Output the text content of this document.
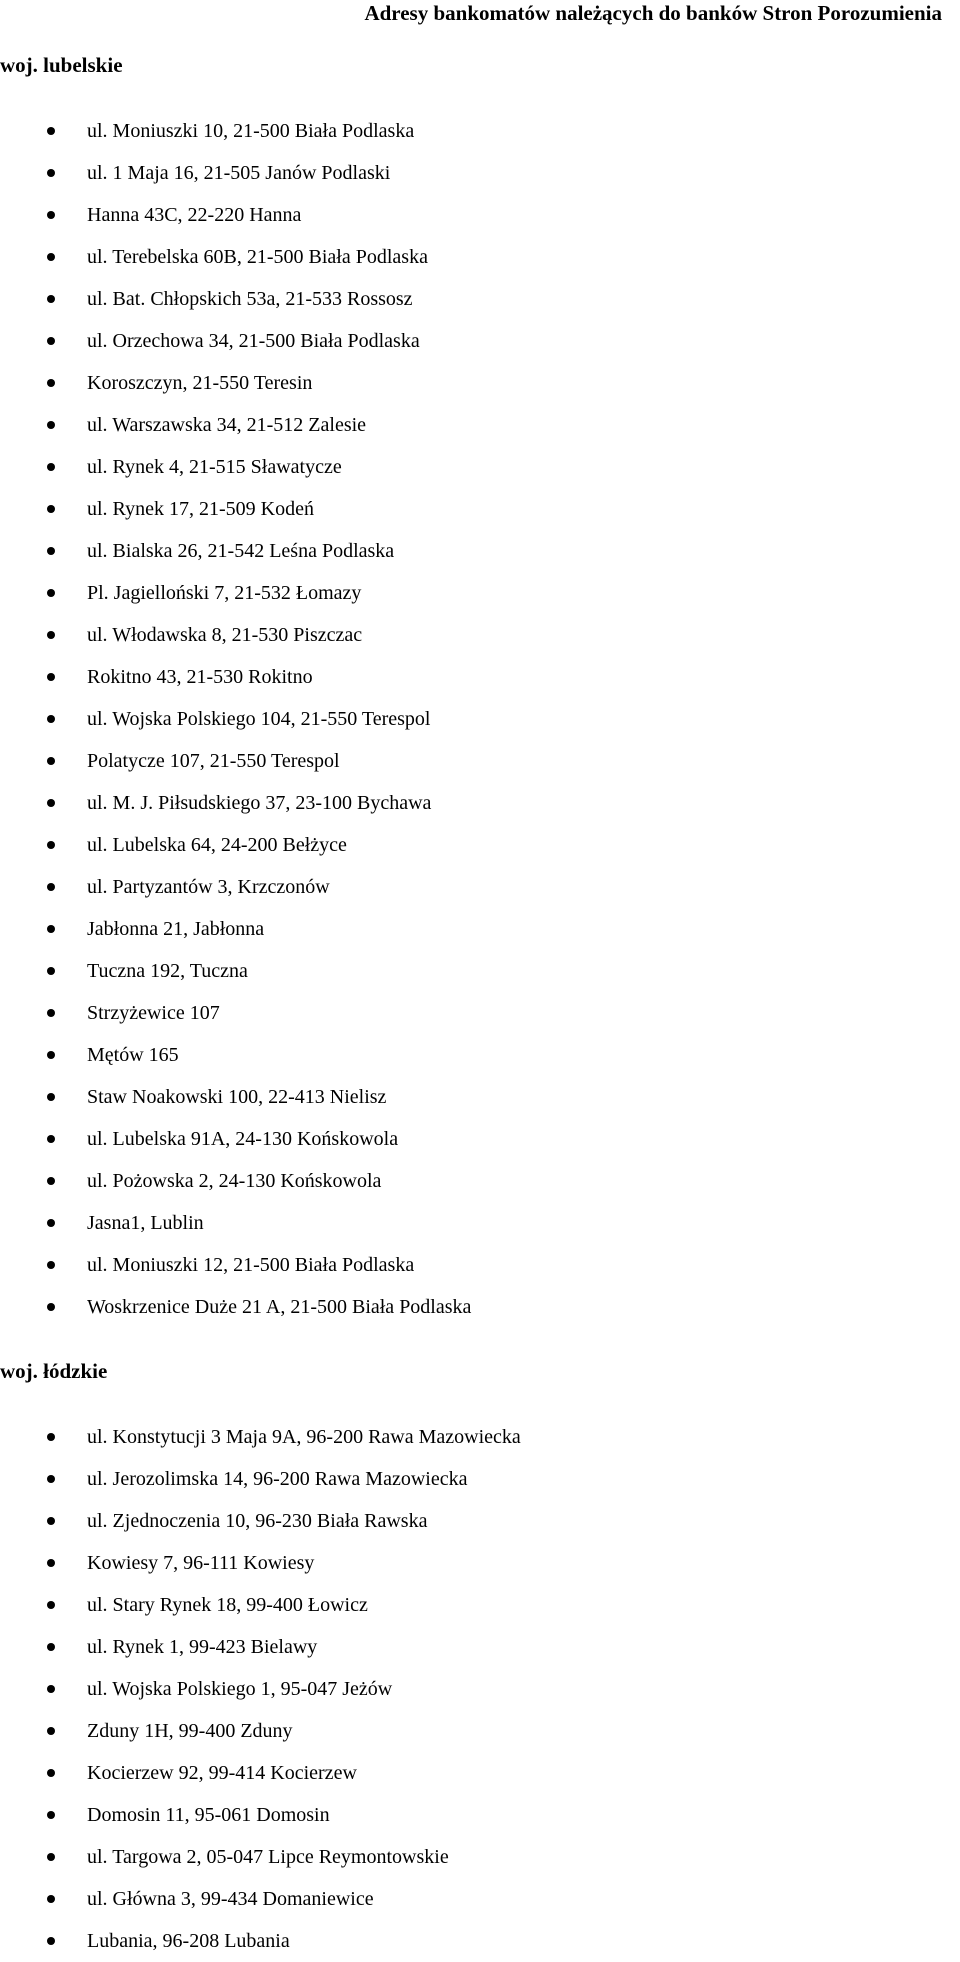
Adresy bankomatów należących do banków Stron Porozumienia
woj. lubelskie
ul. Moniuszki 10, 21-500 Biała Podlaska
ul. 1 Maja 16, 21-505 Janów Podlaski
Hanna 43C, 22-220 Hanna
ul. Terebelska 60B, 21-500 Biała Podlaska
ul. Bat. Chłopskich 53a, 21-533 Rossosz
ul. Orzechowa 34, 21-500 Biała Podlaska
Koroszczyn, 21-550 Teresin
ul. Warszawska 34, 21-512 Zalesie
ul. Rynek 4, 21-515 Sławatycze
ul. Rynek 17, 21-509 Kodeń
ul. Bialska 26, 21-542 Leśna Podlaska
Pl. Jagielloński 7, 21-532 Łomazy
ul. Włodawska 8, 21-530 Piszczac
Rokitno 43, 21-530 Rokitno
ul. Wojska Polskiego 104, 21-550 Terespol
Polatycze 107, 21-550 Terespol
ul. M. J. Piłsudskiego 37, 23-100 Bychawa
ul. Lubelska 64, 24-200 Bełżyce
ul. Partyzantów 3, Krzczonów
Jabłonna 21, Jabłonna
Tuczna 192, Tuczna
Strzyżewice 107
Mętów 165
Staw Noakowski 100, 22-413 Nielisz
ul. Lubelska 91A, 24-130 Końskowola
ul. Pożowska 2, 24-130 Końskowola
Jasna1, Lublin
ul. Moniuszki 12, 21-500 Biała Podlaska
Woskrzenice Duże 21 A, 21-500 Biała Podlaska
woj. łódzkie
ul. Konstytucji 3 Maja 9A, 96-200 Rawa Mazowiecka
ul. Jerozolimska 14, 96-200 Rawa Mazowiecka
ul. Zjednoczenia 10, 96-230 Biała Rawska
Kowiesy 7, 96-111 Kowiesy
ul. Stary Rynek 18, 99-400 Łowicz
ul. Rynek 1, 99-423 Bielawy
ul. Wojska Polskiego 1, 95-047 Jeżów
Zduny 1H, 99-400 Zduny
Kocierzew 92, 99-414 Kocierzew
Domosin 11, 95-061 Domosin
ul. Targowa 2, 05-047 Lipce Reymontowskie
ul. Główna 3, 99-434 Domaniewice
Lubania, 96-208 Lubania
